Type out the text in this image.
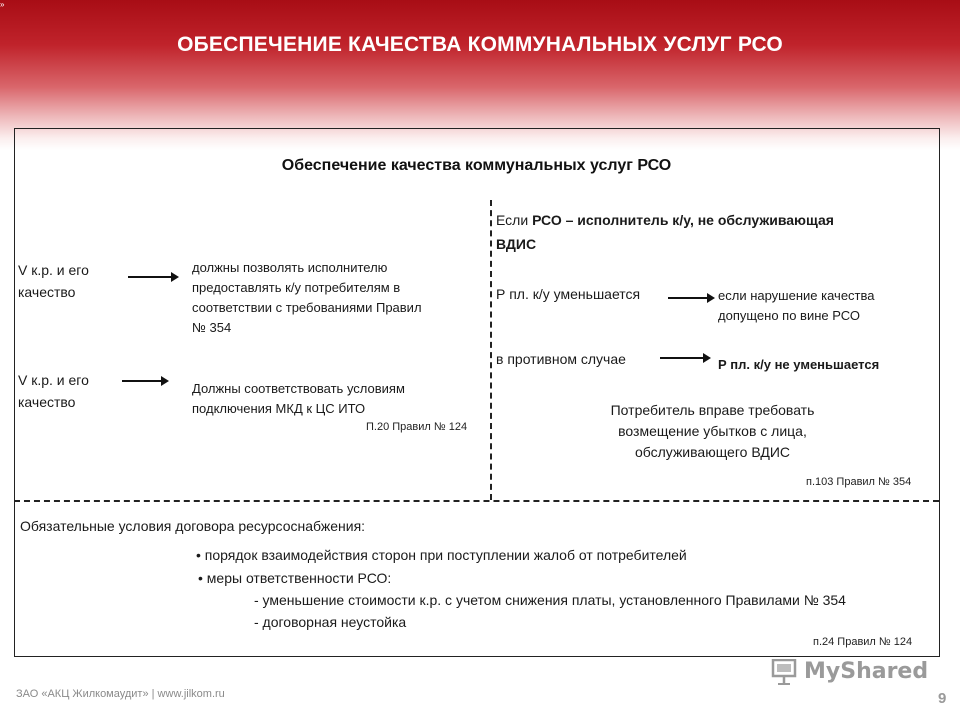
»
ОБЕСПЕЧЕНИЕ КАЧЕСТВА КОММУНАЛЬНЫХ УСЛУГ РСО
Обеспечение качества коммунальных услуг РСО
V к.р. и его
качество
должны позволять исполнителю
предоставлять к/у потребителям в
соответствии с требованиями Правил
№ 354
V к.р. и его
качество
Должны соответствовать условиям
подключения МКД к ЦС ИТО
П.20 Правил № 124
Если РСО – исполнитель к/у, не обслуживающая
ВДИС
Р пл. к/у уменьшается	если нарушение качества
допущено по вине РСО
в противном случае	Р пл. к/у не уменьшается
Потребитель вправе требовать
возмещение убытков с лица,
обслуживающего ВДИС
п.103 Правил № 354
Обязательные условия договора ресурсоснабжения:
• порядок взаимодействия сторон при поступлении жалоб от потребителей
• меры ответственности РСО:
- уменьшение стоимости к.р. с учетом снижения платы, установленного Правилами № 354
- договорная неустойка
п.24 Правил № 124
ЗАО «АКЦ Жилкомаудит» | www.jilkom.ru
MyShared
9
